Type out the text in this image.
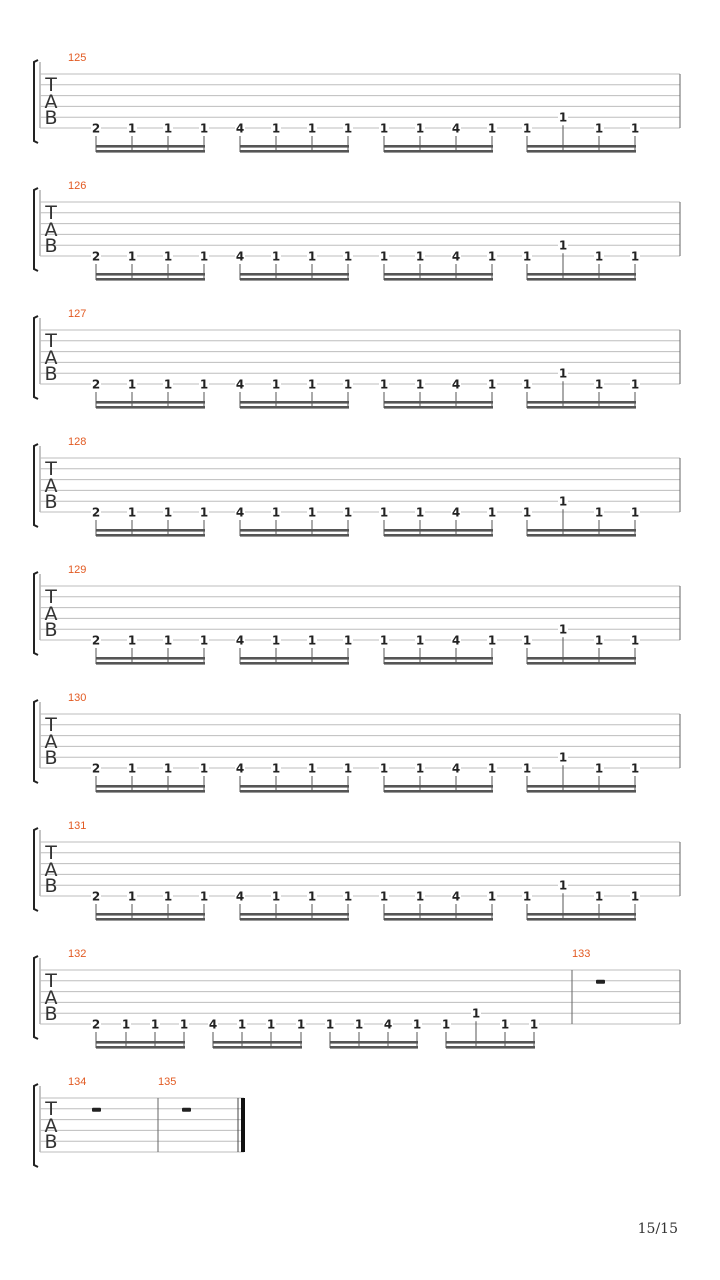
T
A
B
125
2 1 1 1 4 1 1 1 1 1 4 1 1
1
1 1
T
A
B
126
2 1 1 1 4 1 1 1 1 1 4 1 1
1
1 1
T
A
B
127
2 1 1 1 4 1 1 1 1 1 4 1 1
1
1 1
T
A
B
128
2 1 1 1 4 1 1 1 1 1 4 1 1
1
1 1
T
A
B
129
2 1 1 1 4 1 1 1 1 1 4 1 1
1
1 1
T
A
B
130
2 1 1 1 4 1 1 1 1 1 4 1 1
1
1 1
T
A
B
131
2 1 1 1 4 1 1 1 1 1 4 1 1
1
1 1
T
A
B
132
2 1 1 1 4 1 1 1 1 1 4 1 1
1
1 1
133
T
A
B
134	135
15/15
